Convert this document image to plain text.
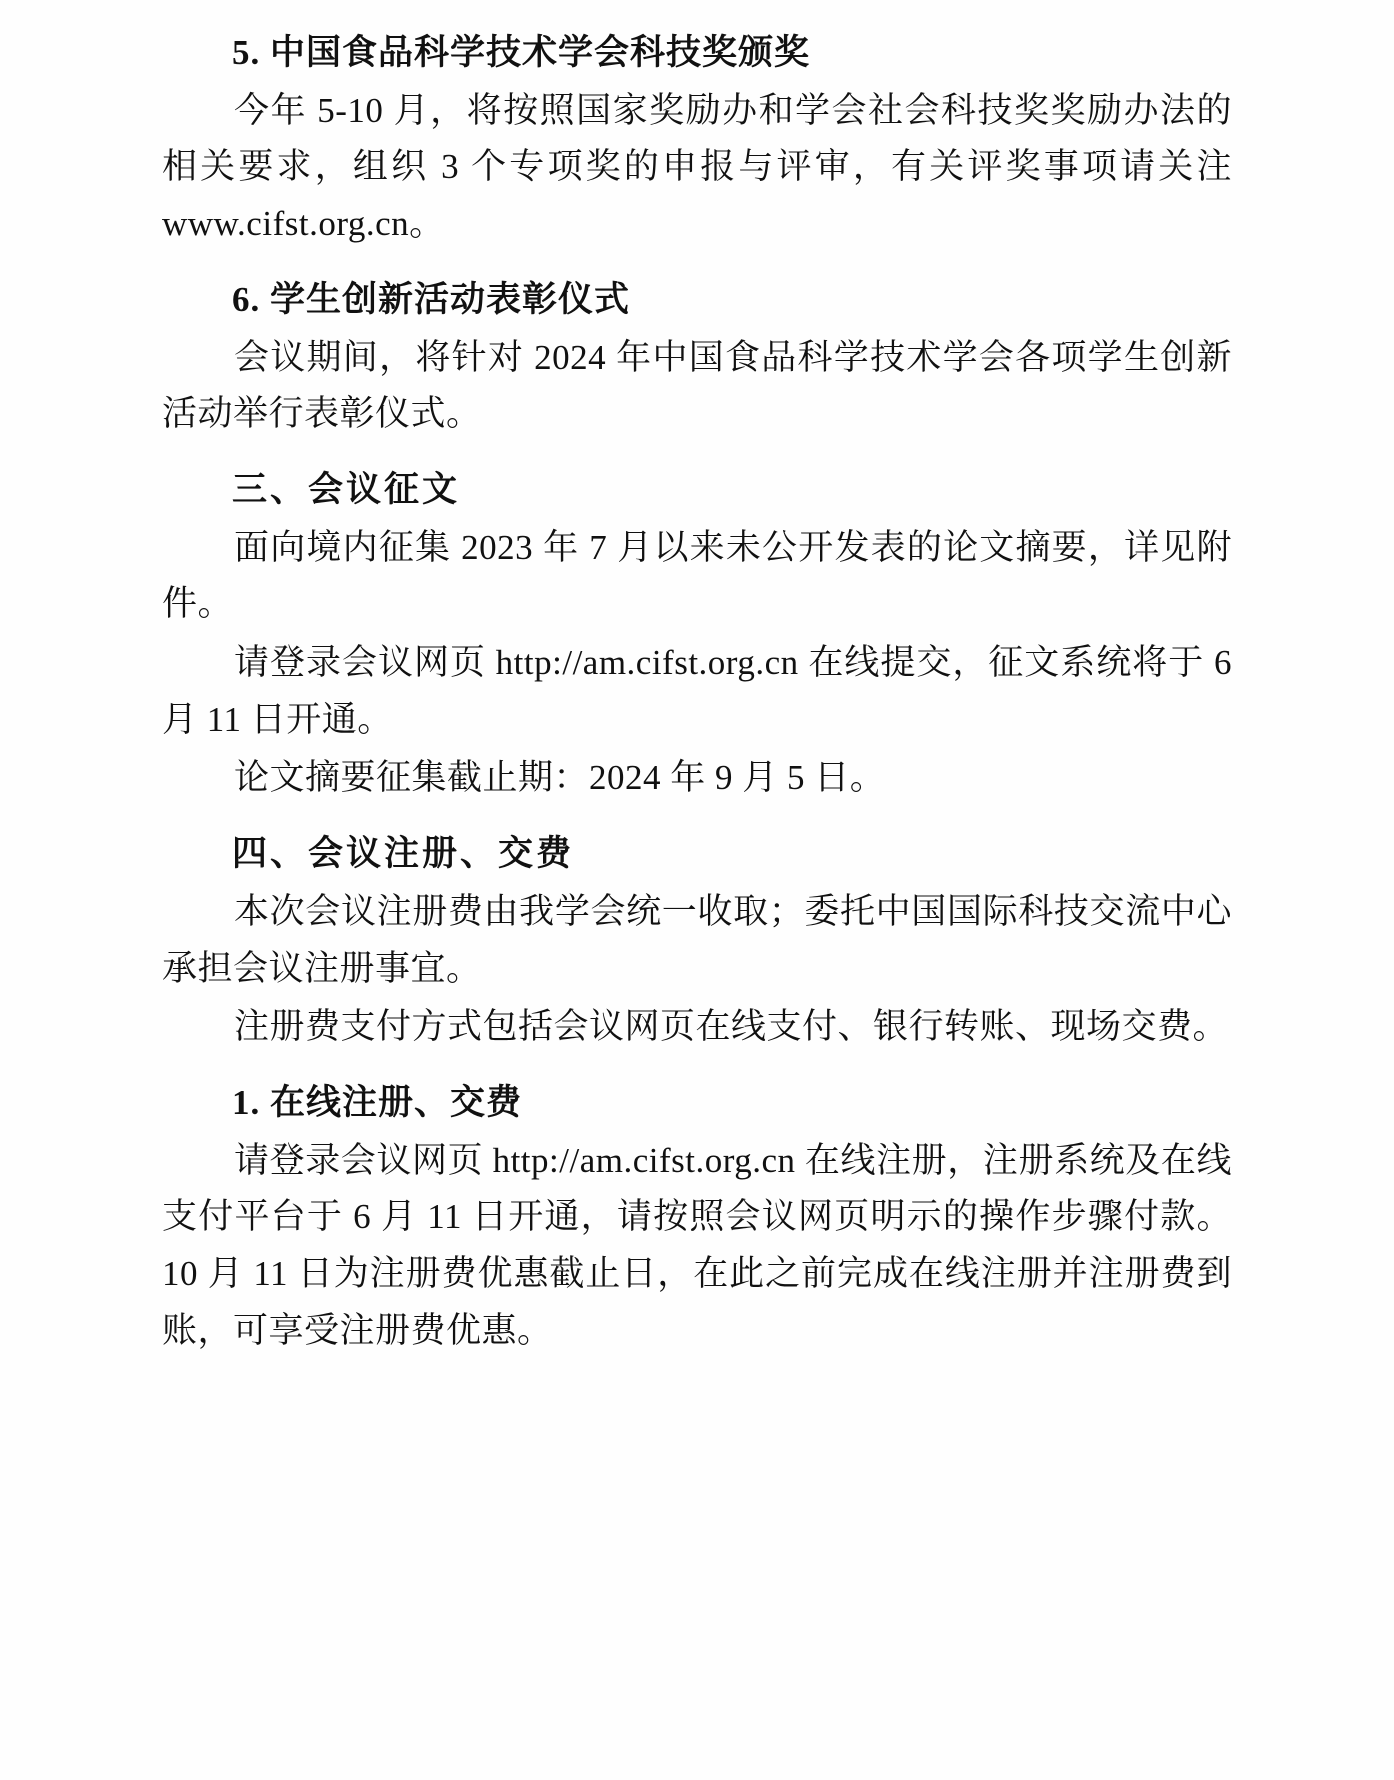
5. 中国食品科学技术学会科技奖颁奖
今年 5-10 月，将按照国家奖励办和学会社会科技奖奖励办法的相关要求，组织 3 个专项奖的申报与评审，有关评奖事项请关注 www.cifst.org.cn。
6. 学生创新活动表彰仪式
会议期间，将针对 2024 年中国食品科学技术学会各项学生创新活动举行表彰仪式。
三、会议征文
面向境内征集 2023 年 7 月以来未公开发表的论文摘要，详见附件。
请登录会议网页 http://am.cifst.org.cn 在线提交，征文系统将于 6 月 11 日开通。
论文摘要征集截止期：2024 年 9 月 5 日。
四、会议注册、交费
本次会议注册费由我学会统一收取；委托中国国际科技交流中心承担会议注册事宜。
注册费支付方式包括会议网页在线支付、银行转账、现场交费。
1. 在线注册、交费
请登录会议网页 http://am.cifst.org.cn 在线注册，注册系统及在线支付平台于 6 月 11 日开通，请按照会议网页明示的操作步骤付款。10 月 11 日为注册费优惠截止日，在此之前完成在线注册并注册费到账，可享受注册费优惠。
